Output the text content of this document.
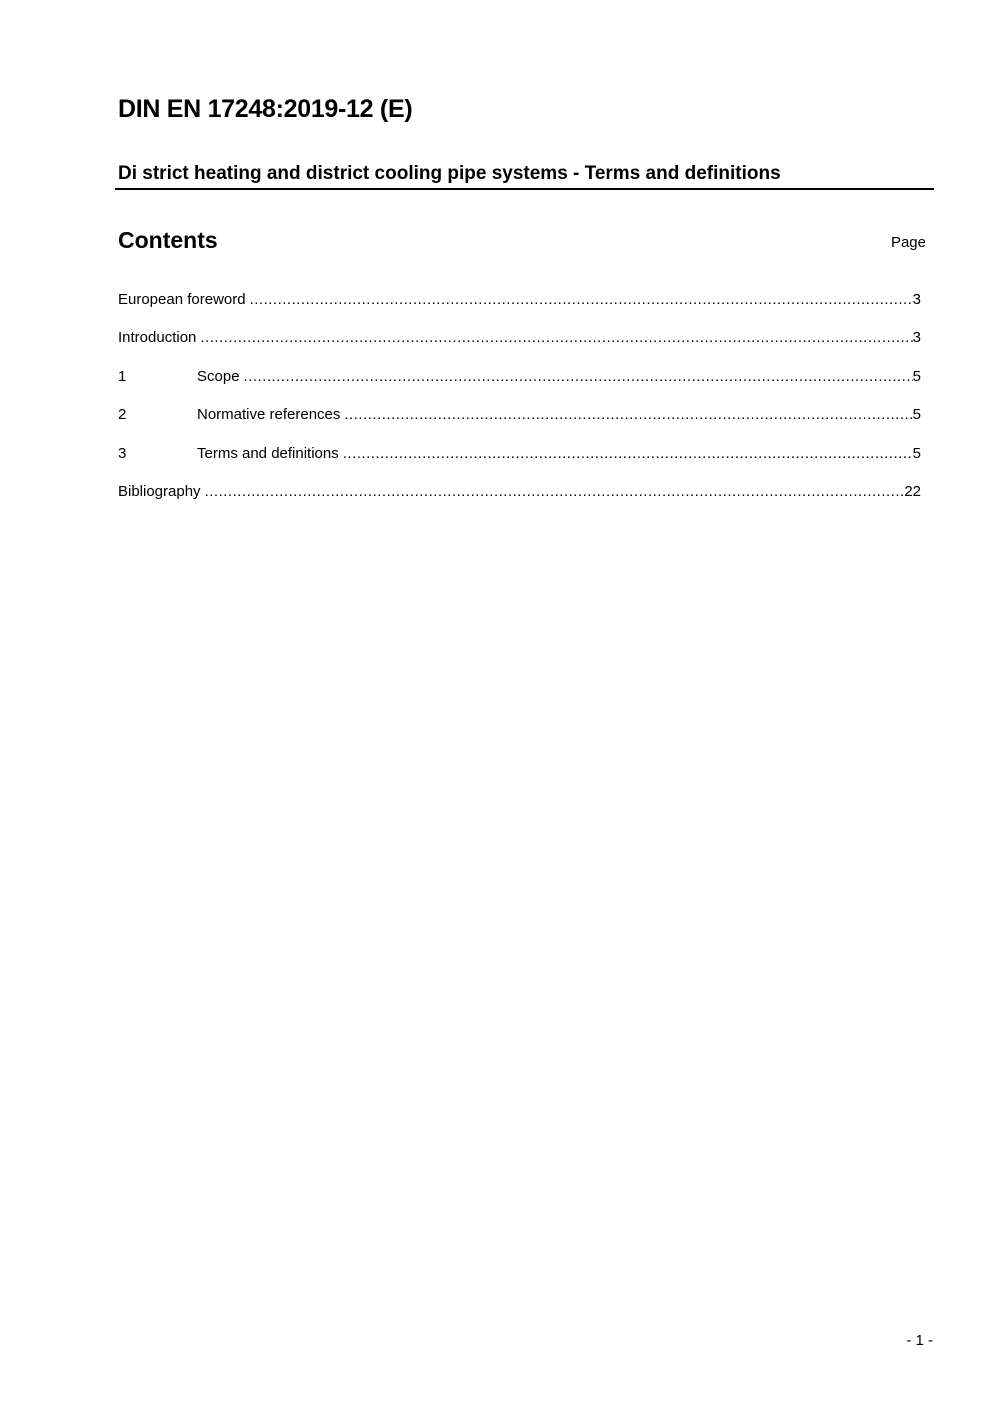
DIN EN 17248:2019-12 (E)
Di strict heating and district cooling pipe systems - Terms and definitions
Contents	Page
European foreword .....	3
Introduction .....	3
1	Scope .....	5
2	Normative references .....	5
3	Terms and definitions .....	5
Bibliography .....	22
- 1 -
